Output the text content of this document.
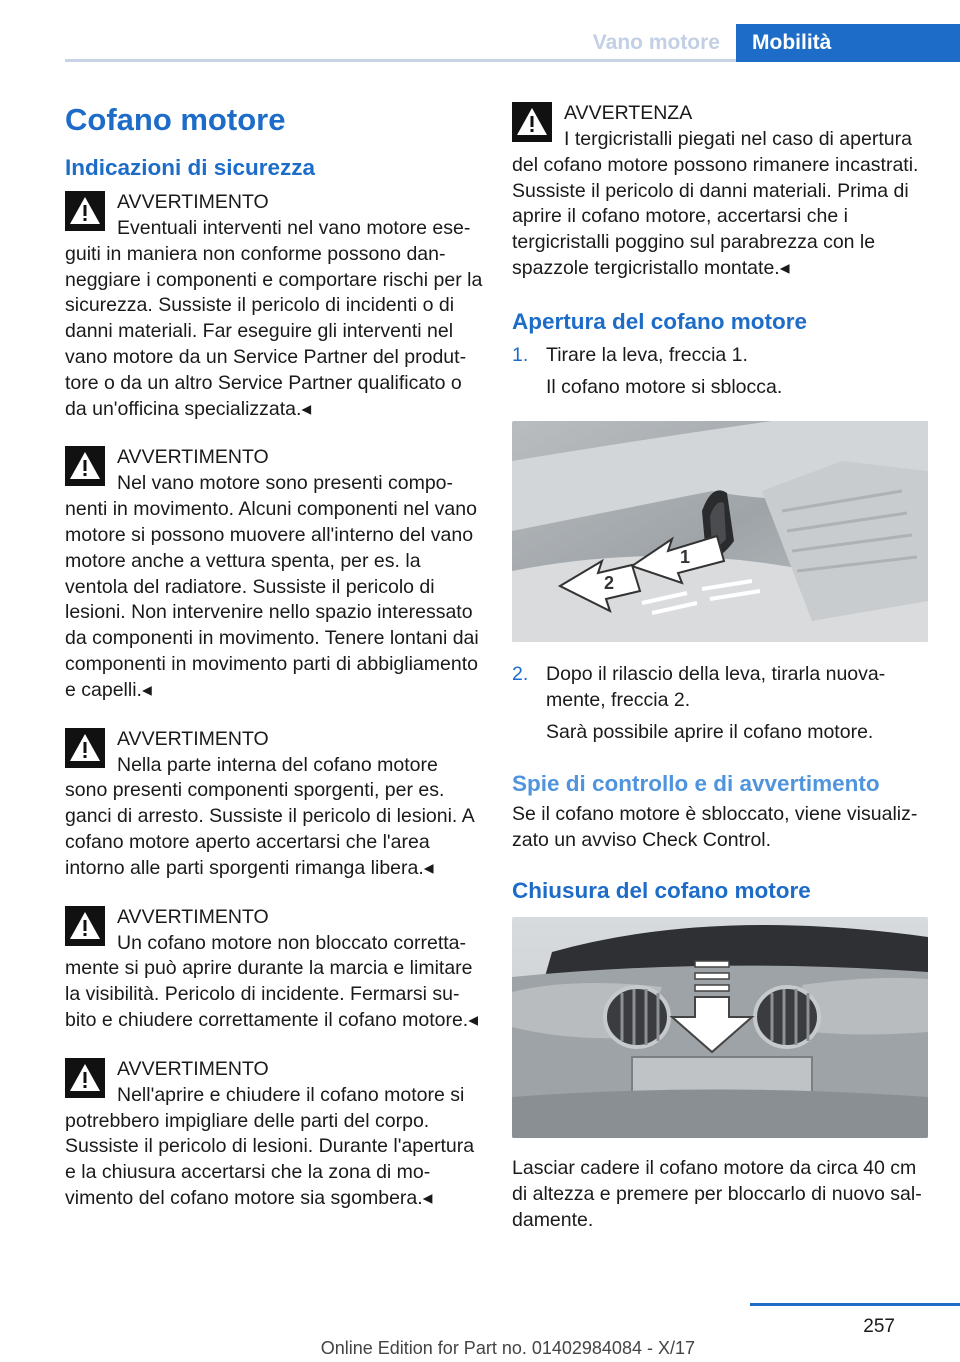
Vano motore	Mobilità
Cofano motore
Indicazioni di sicurezza
AVVERTIMENTO
Eventuali interventi nel vano motore eseguiti in maniera non conforme possono danneggiare i componenti e comportare rischi per la sicurezza. Sussiste il pericolo di incidenti o di danni materiali. Far eseguire gli interventi nel vano motore da un Service Partner del produttore o da un altro Service Partner qualificato o da un'officina specializzata.◂
AVVERTIMENTO
Nel vano motore sono presenti componenti in movimento. Alcuni componenti nel vano motore si possono muovere all'interno del vano motore anche a vettura spenta, per es. la ventola del radiatore. Sussiste il pericolo di lesioni. Non intervenire nello spazio interessato da componenti in movimento. Tenere lontani dai componenti in movimento parti di abbigliamento e capelli.◂
AVVERTIMENTO
Nella parte interna del cofano motore sono presenti componenti sporgenti, per es. ganci di arresto. Sussiste il pericolo di lesioni. A cofano motore aperto accertarsi che l'area intorno alle parti sporgenti rimanga libera.◂
AVVERTIMENTO
Un cofano motore non bloccato correttamente si può aprire durante la marcia e limitare la visibilità. Pericolo di incidente. Fermarsi subito e chiudere correttamente il cofano motore.◂
AVVERTIMENTO
Nell'aprire e chiudere il cofano motore si potrebbero impigliare delle parti del corpo. Sussiste il pericolo di lesioni. Durante l'apertura e la chiusura accertarsi che la zona di movimento del cofano motore sia sgombera.◂
AVVERTENZA
I tergicristalli piegati nel caso di apertura del cofano motore possono rimanere incastrati. Sussiste il pericolo di danni materiali. Prima di aprire il cofano motore, accertarsi che i tergicristalli poggino sul parabrezza con le spazzole tergicristallo montate.◂
Apertura del cofano motore
1. Tirare la leva, freccia 1.
Il cofano motore si sblocca.
1
2
2. Dopo il rilascio della leva, tirarla nuovamente, freccia 2.
Sarà possibile aprire il cofano motore.
Spie di controllo e di avvertimento

Se il cofano motore è sbloccato, viene visualizzato un avviso Check Control.

Chiusura del cofano motore

Lasciar cadere il cofano motore da circa 40 cm di altezza e premere per bloccarlo di nuovo saldamente.

257
Online Edition for Part no. 01402984084 - X/17
